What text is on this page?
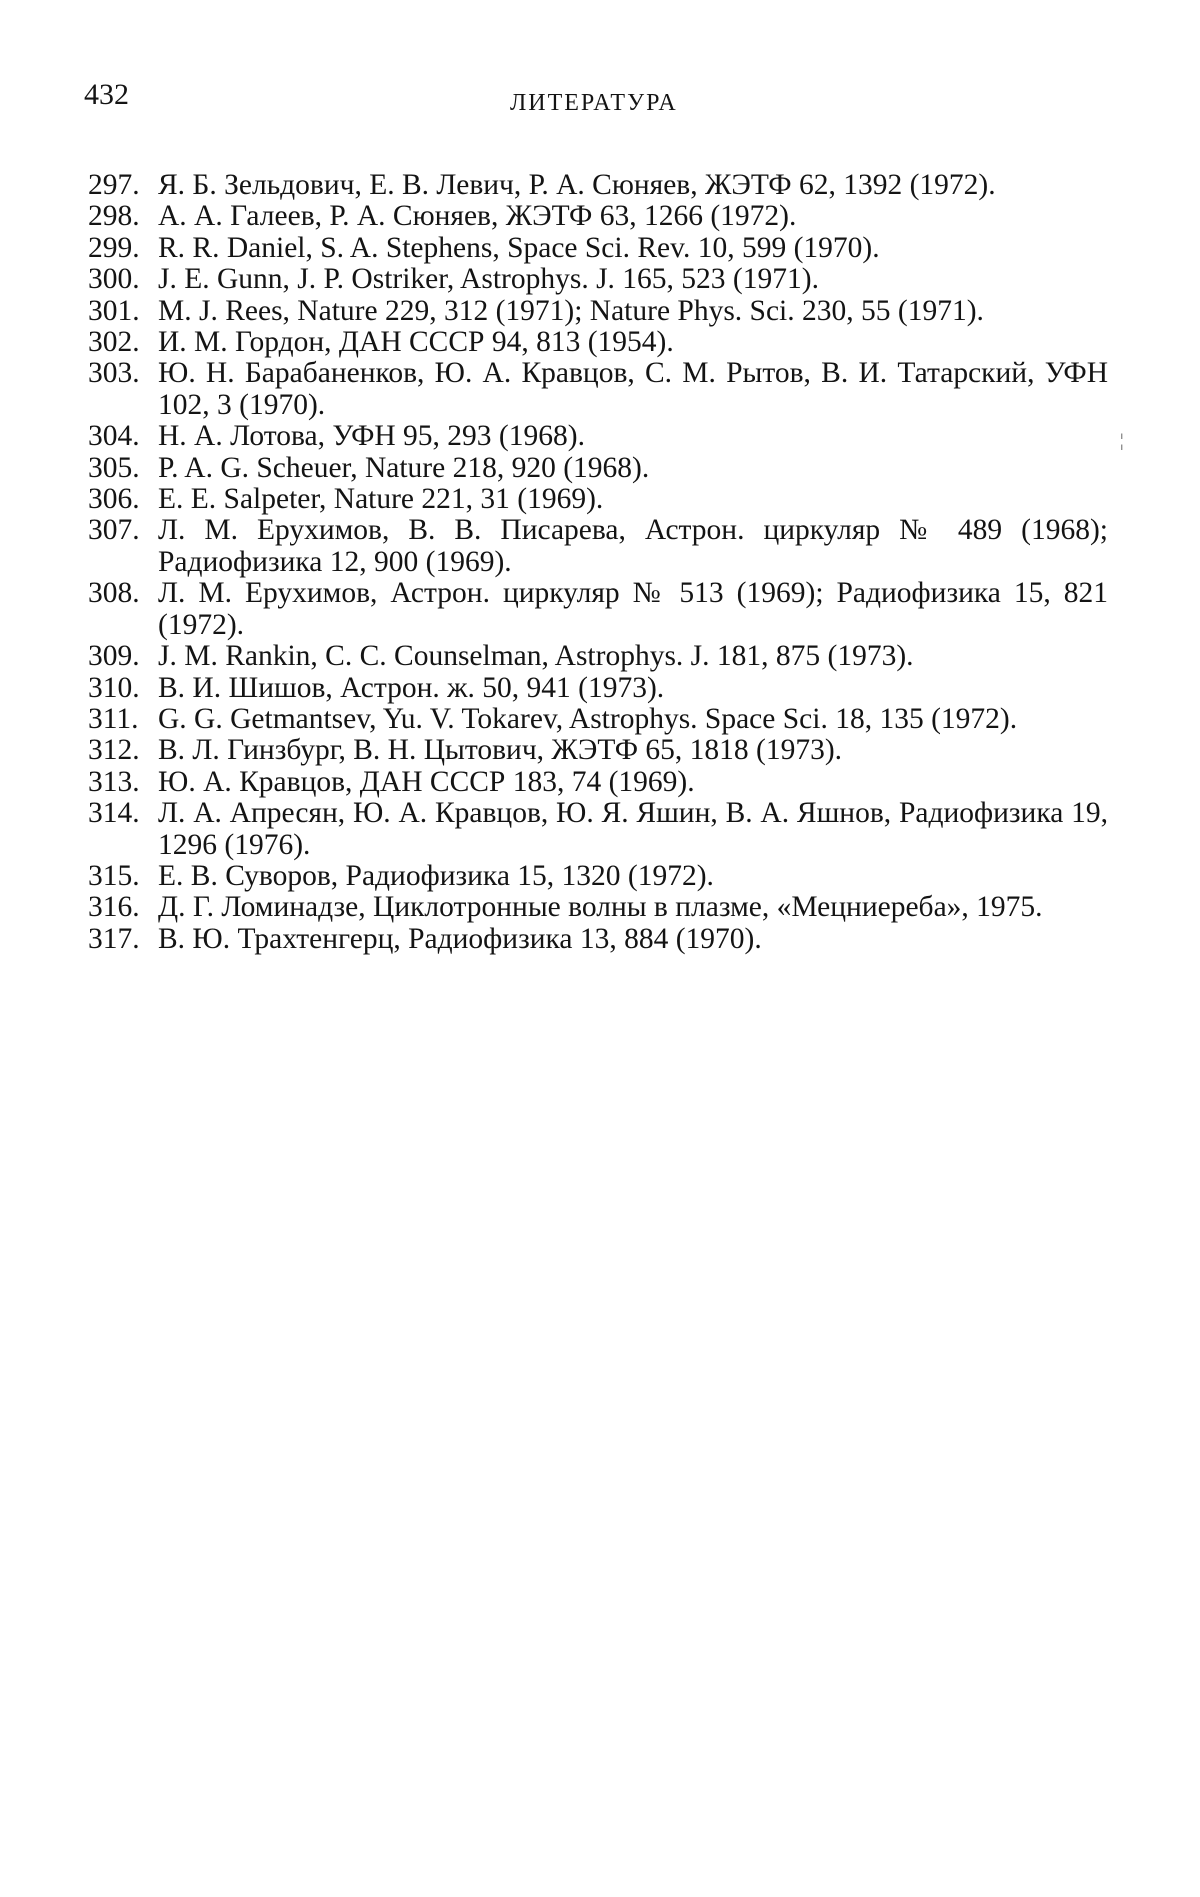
432	ЛИТЕРАТУРА
¦
297. Я. Б. Зельдович, Е. В. Левич, Р. А. Сюняев, ЖЭТФ 62, 1392 (1972).
298. А. А. Галеев, Р. А. Сюняев, ЖЭТФ 63, 1266 (1972).
299. R. R. Daniel, S. A. Stephens, Space Sci. Rev. 10, 599 (1970).
300. J. E. Gunn, J. P. Ostriker, Astrophys. J. 165, 523 (1971).
301. M. J. Rees, Nature 229, 312 (1971); Nature Phys. Sci. 230, 55 (1971).
302. И. М. Гордон, ДАН СССР 94, 813 (1954).
303. Ю. Н. Барабаненков, Ю. А. Кравцов, С. М. Рытов, В. И. Татарский, УФН 102, 3 (1970).
304. Н. А. Лотова, УФН 95, 293 (1968).
305. P. A. G. Scheuer, Nature 218, 920 (1968).
306. E. E. Salpeter, Nature 221, 31 (1969).
307. Л. М. Ерухимов, В. В. Писарева, Астрон. циркуляр № 489 (1968); Радиофизика 12, 900 (1969).
308. Л. М. Ерухимов, Астрон. циркуляр № 513 (1969); Радиофизика 15, 821 (1972).
309. J. M. Rankin, C. C. Counselman, Astrophys. J. 181, 875 (1973).
310. В. И. Шишов, Астрон. ж. 50, 941 (1973).
311. G. G. Getmantsev, Yu. V. Tokarev, Astrophys. Space Sci. 18, 135 (1972).
312. В. Л. Гинзбург, В. Н. Цытович, ЖЭТФ 65, 1818 (1973).
313. Ю. А. Кравцов, ДАН СССР 183, 74 (1969).
314. Л. А. Апресян, Ю. А. Кравцов, Ю. Я. Яшин, В. А. Яшнов, Радиофизика 19, 1296 (1976).
315. Е. В. Суворов, Радиофизика 15, 1320 (1972).
316. Д. Г. Ломинадзе, Циклотронные волны в плазме, «Мецниереба», 1975.
317. В. Ю. Трахтенгерц, Радиофизика 13, 884 (1970).
